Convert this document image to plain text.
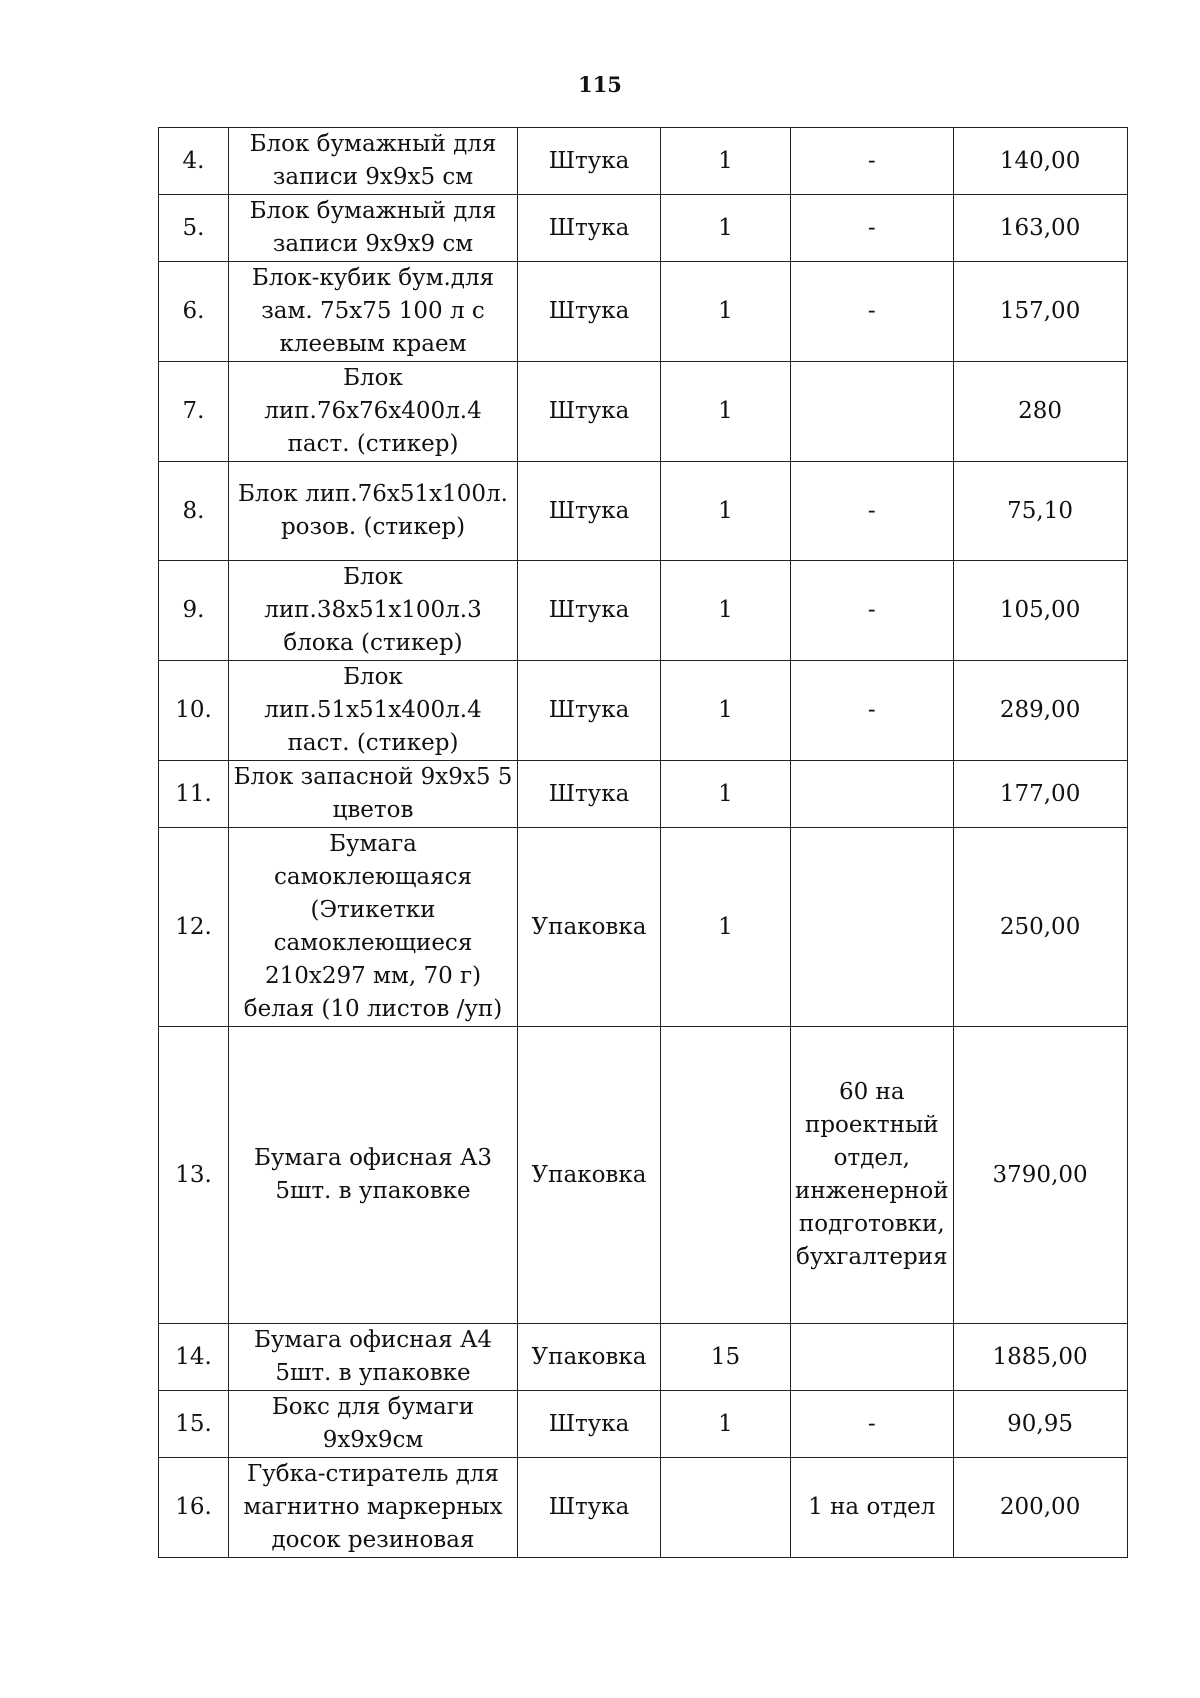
115
4.	Блок бумажный для записи 9х9х5 см	Штука	1	-	140,00
5.	Блок бумажный для записи 9х9х9 см	Штука	1	-	163,00
6.	Блок-кубик бум.для зам. 75х75 100 л с клеевым краем	Штука	1	-	157,00
7.	Блок лип.76х76х400л.4 паст. (стикер)	Штука	1		280
8.	Блок лип.76х51х100л. розов. (стикер)	Штука	1	-	75,10
9.	Блок лип.38х51х100л.3 блока (стикер)	Штука	1	-	105,00
10.	Блок лип.51х51х400л.4 паст. (стикер)	Штука	1	-	289,00
11.	Блок запасной 9х9х5 5 цветов	Штука	1		177,00
12.	Бумага самоклеющаяся (Этикетки самоклеющиеся 210х297 мм, 70 г) белая (10 листов /уп)	Упаковка	1		250,00
13.	Бумага офисная А3 5шт. в упаковке	Упаковка		60 на проектный отдел, инженерной подготовки, бухгалтерия	3790,00
14.	Бумага офисная А4 5шт. в упаковке	Упаковка	15		1885,00
15.	Бокс для бумаги 9х9х9см	Штука	1	-	90,95
16.	Губка-стиратель для магнитно маркерных досок резиновая	Штука		1 на отдел	200,00
